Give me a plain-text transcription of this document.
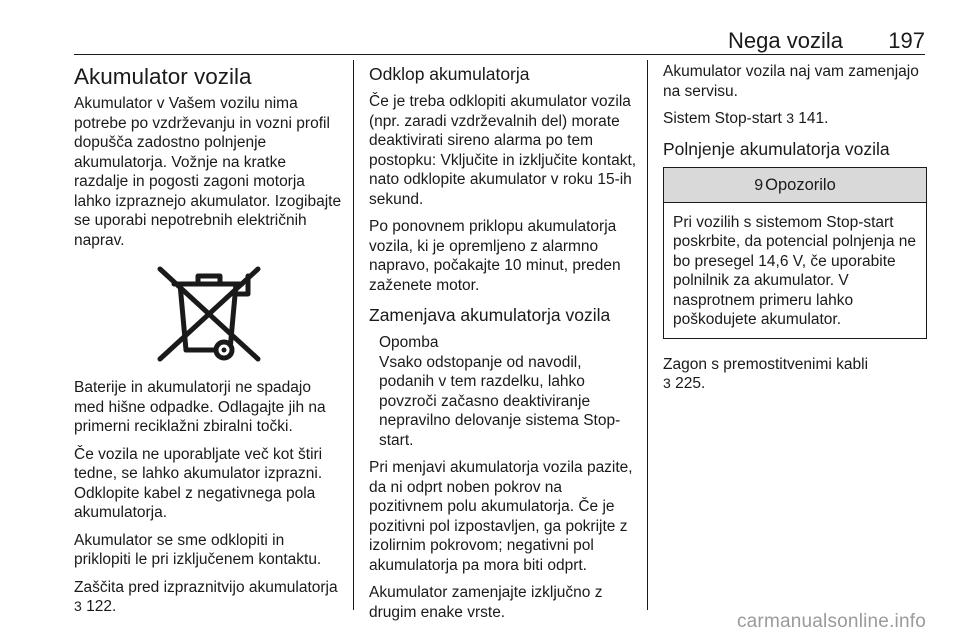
Nega vozila 197
Akumulator vozila

Akumulator v Vašem vozilu nima potrebe po vzdrževanju in vozni profil dopušča zadostno polnjenje akumulatorja. Vožnje na kratke razdalje in pogosti zagoni motorja lahko izpraznejo akumulator. Izogibajte se uporabi nepotrebnih električnih naprav.

Baterije in akumulatorji ne spadajo med hišne odpadke. Odlagajte jih na primerni reciklažni zbiralni točki.

Če vozila ne uporabljate več kot štiri tedne, se lahko akumulator izprazni. Odklopite kabel z negativnega pola akumulatorja.

Akumulator se sme odklopiti in priklopiti le pri izključenem kontaktu.

Zaščita pred izpraznitvijo akumulatorja 3 122.

Odklop akumulatorja

Če je treba odklopiti akumulator vozila (npr. zaradi vzdrževalnih del) morate deaktivirati sireno alarma po tem postopku: Vključite in izključite kontakt, nato odklopite akumulator v roku 15-ih sekund.

Po ponovnem priklopu akumulatorja vozila, ki je opremljeno z alarmno napravo, počakajte 10 minut, preden zaženete motor.

Zamenjava akumulatorja vozila
Opomba
Vsako odstopanje od navodil, podanih v tem razdelku, lahko povzroči začasno deaktiviranje nepravilno delovanje sistema Stop-start.

Pri menjavi akumulatorja vozila pazite, da ni odprt noben pokrov na pozitivnem polu akumulatorja. Če je pozitivni pol izpostavljen, ga pokrijte z izolirnim pokrovom; negativni pol akumulatorja pa mora biti odprt.

Akumulator zamenjajte izključno z drugim enake vrste.

Akumulator vozila naj vam zamenjajo na servisu.

Sistem Stop-start 3 141.

Polnjenje akumulatorja vozila
9 Opozorilo
Pri vozilih s sistemom Stop-start poskrbite, da potencial polnjenja ne bo presegel 14,6 V, če uporabite polnilnik za akumulator. V nasprotnem primeru lahko poškodujete akumulator.

Zagon s premostitvenimi kabli
3 225.

carmanualsonline.info
